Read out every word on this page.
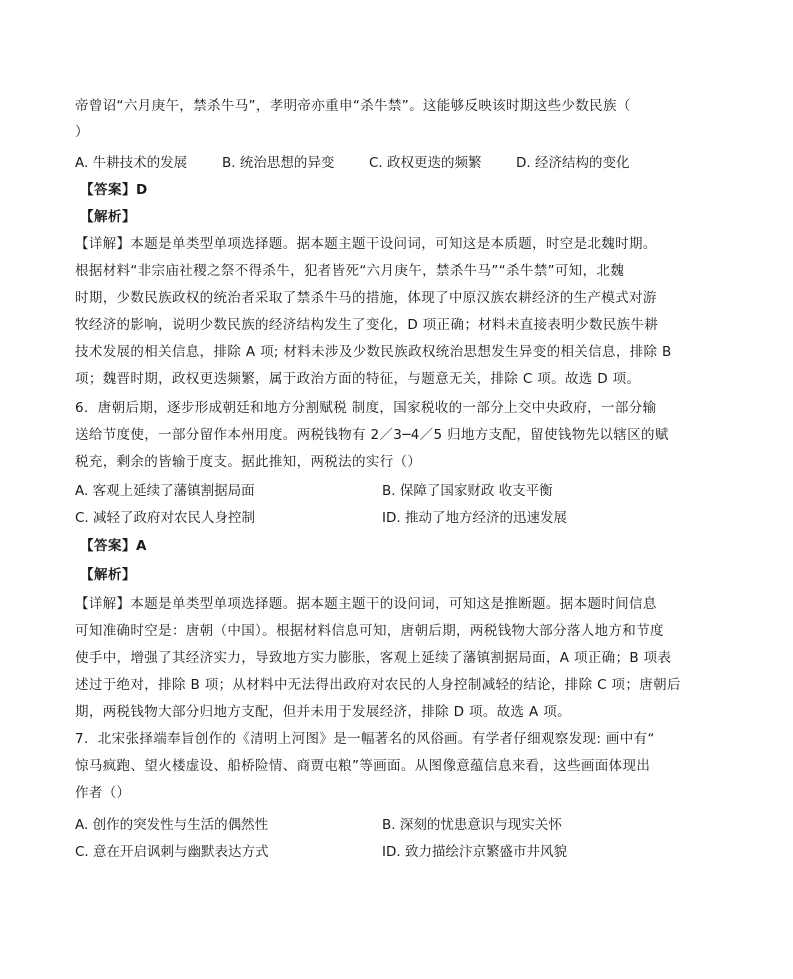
帝曾诏“六月庚午，禁杀牛马”，孝明帝亦重申“杀牛禁”。这能够反映该时期这些少数民族（
）
A. 牛耕技术的发展	B. 统治思想的异变	C. 政权更迭的频繁	D. 经济结构的变化
【答案】D
【解析】
【详解】本题是单类型单项选择题。据本题主题干设问词，可知这是本质题，时空是北魏时期。
根据材料“非宗庙社稷之祭不得杀牛，犯者皆死“六月庚午，禁杀牛马”“杀牛禁”可知，北魏
时期，少数民族政权的统治者采取了禁杀牛马的措施，体现了中原汉族农耕经济的生产模式对游
牧经济的影响，说明少数民族的经济结构发生了变化，D 项正确；材料未直接表明少数民族牛耕
技术发展的相关信息，排除 A 项; 材料未涉及少数民族政权统治思想发生异变的相关信息，排除 B
项；魏晋时期，政权更迭频繁，属于政治方面的特征，与题意无关，排除 C 项。故选 D 项。
6．唐朝后期，逐步形成朝廷和地方分割赋税 制度，国家税收的一部分上交中央政府，一部分输
送给节度使，一部分留作本州用度。两税钱物有 2／3─4／5 归地方支配，留使钱物先以辖区的赋
税充，剩余的皆输于度支。据此推知，两税法的实行（）
A. 客观上延续了藩镇割据局面	B. 保障了国家财政 收支平衡
C. 减轻了政府对农民人身控制	ID. 推动了地方经济的迅速发展
【答案】A
【解析】
【详解】本题是单类型单项选择题。据本题主题干的设问词，可知这是推断题。据本题时间信息
可知准确时空是：唐朝（中国）。根据材料信息可知，唐朝后期，两税钱物大部分落人地方和节度
使手中，增强了其经济实力，导致地方实力膨胀，客观上延续了藩镇割据局面，A 项正确；B 项表
述过于绝对，排除 B 项；从材料中无法得出政府对农民的人身控制减轻的结论，排除 C 项；唐朝后
期，两税钱物大部分归地方支配，但并未用于发展经济，排除 D 项。故选 A 项。
7．北宋张择端奉旨创作的《清明上河图》是一幅著名的风俗画。有学者仔细观察发现: 画中有“
惊马疯跑、望火楼虚设、船桥险情、商贾屯粮”等画面。从图像意蕴信息来看，这些画面体现出
作者（）
A. 创作的突发性与生活的偶然性	B. 深刻的忧患意识与现实关怀
C. 意在开启讽刺与幽默表达方式	ID. 致力描绘汴京繁盛市井风貌
